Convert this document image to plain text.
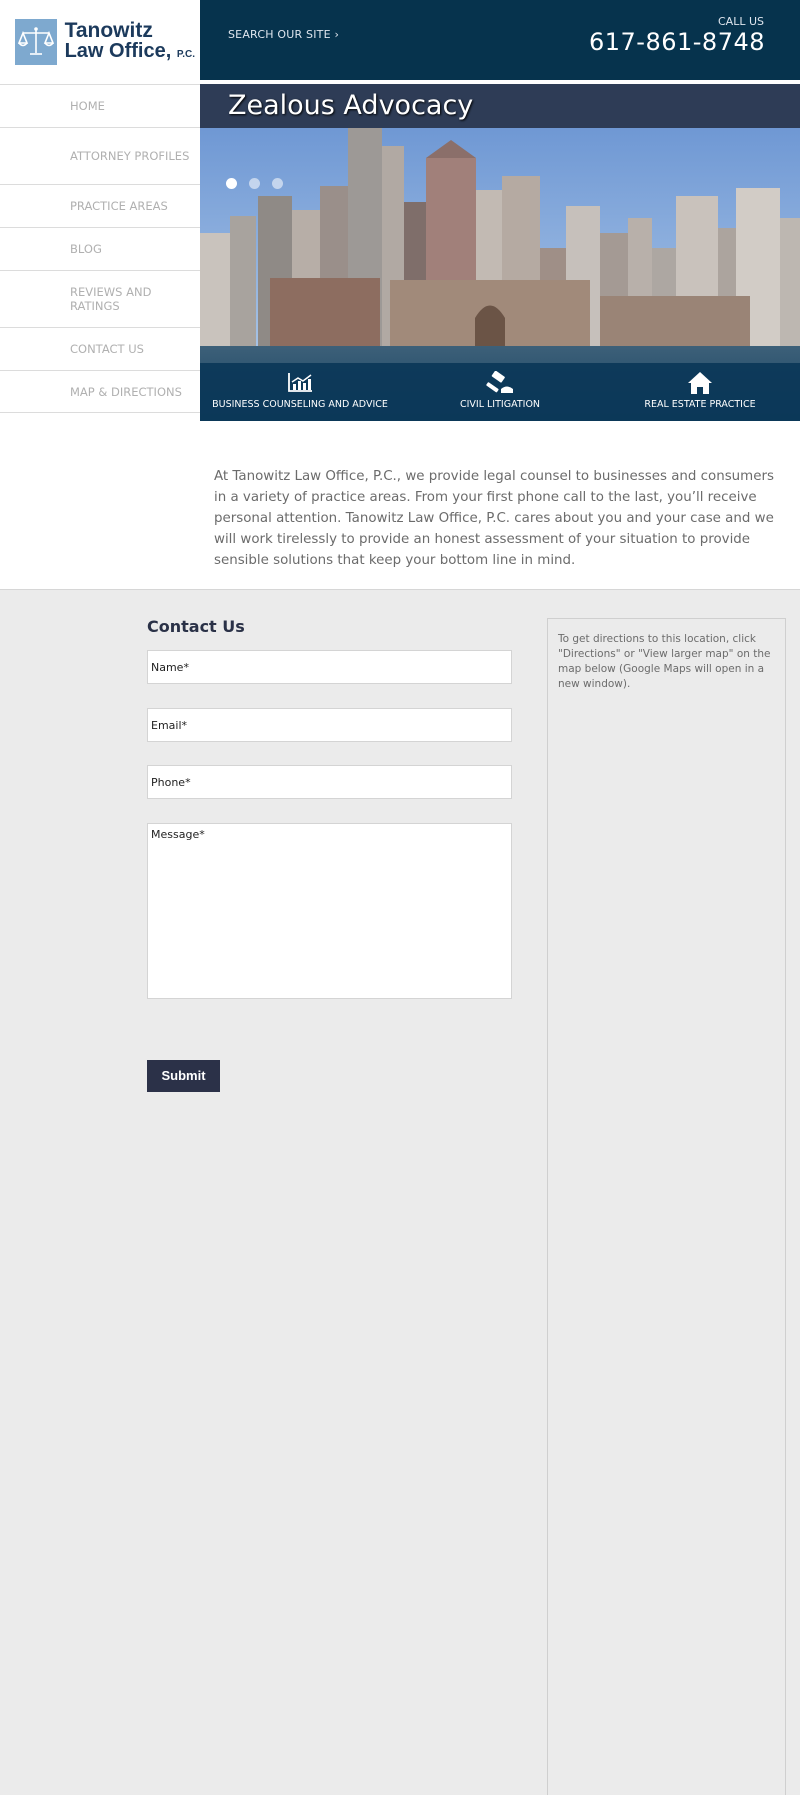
Tanowitz
Law Office, P.C.
SEARCH OUR SITE ›
CALL US
617-861-8748
HOME
ATTORNEY PROFILES
PRACTICE AREAS
BLOG
REVIEWS AND RATINGS
CONTACT US
MAP & DIRECTIONS
Zealous Advocacy
BUSINESS COUNSELING AND ADVICE	CIVIL LITIGATION	REAL ESTATE PRACTICE

At Tanowitz Law Office, P.C., we provide legal counsel to businesses and consumers in a variety of practice areas. From your first phone call to the last, you’ll receive personal attention. Tanowitz Law Office, P.C. cares about you and your case and we will work tirelessly to provide an honest assessment of your situation to provide sensible solutions that keep your bottom line in mind.

Contact Us
Name*
Email*
Phone*
Message*
Submit

To get directions to this location, click "Directions" or "View larger map" on the map below (Google Maps will open in a new window).
